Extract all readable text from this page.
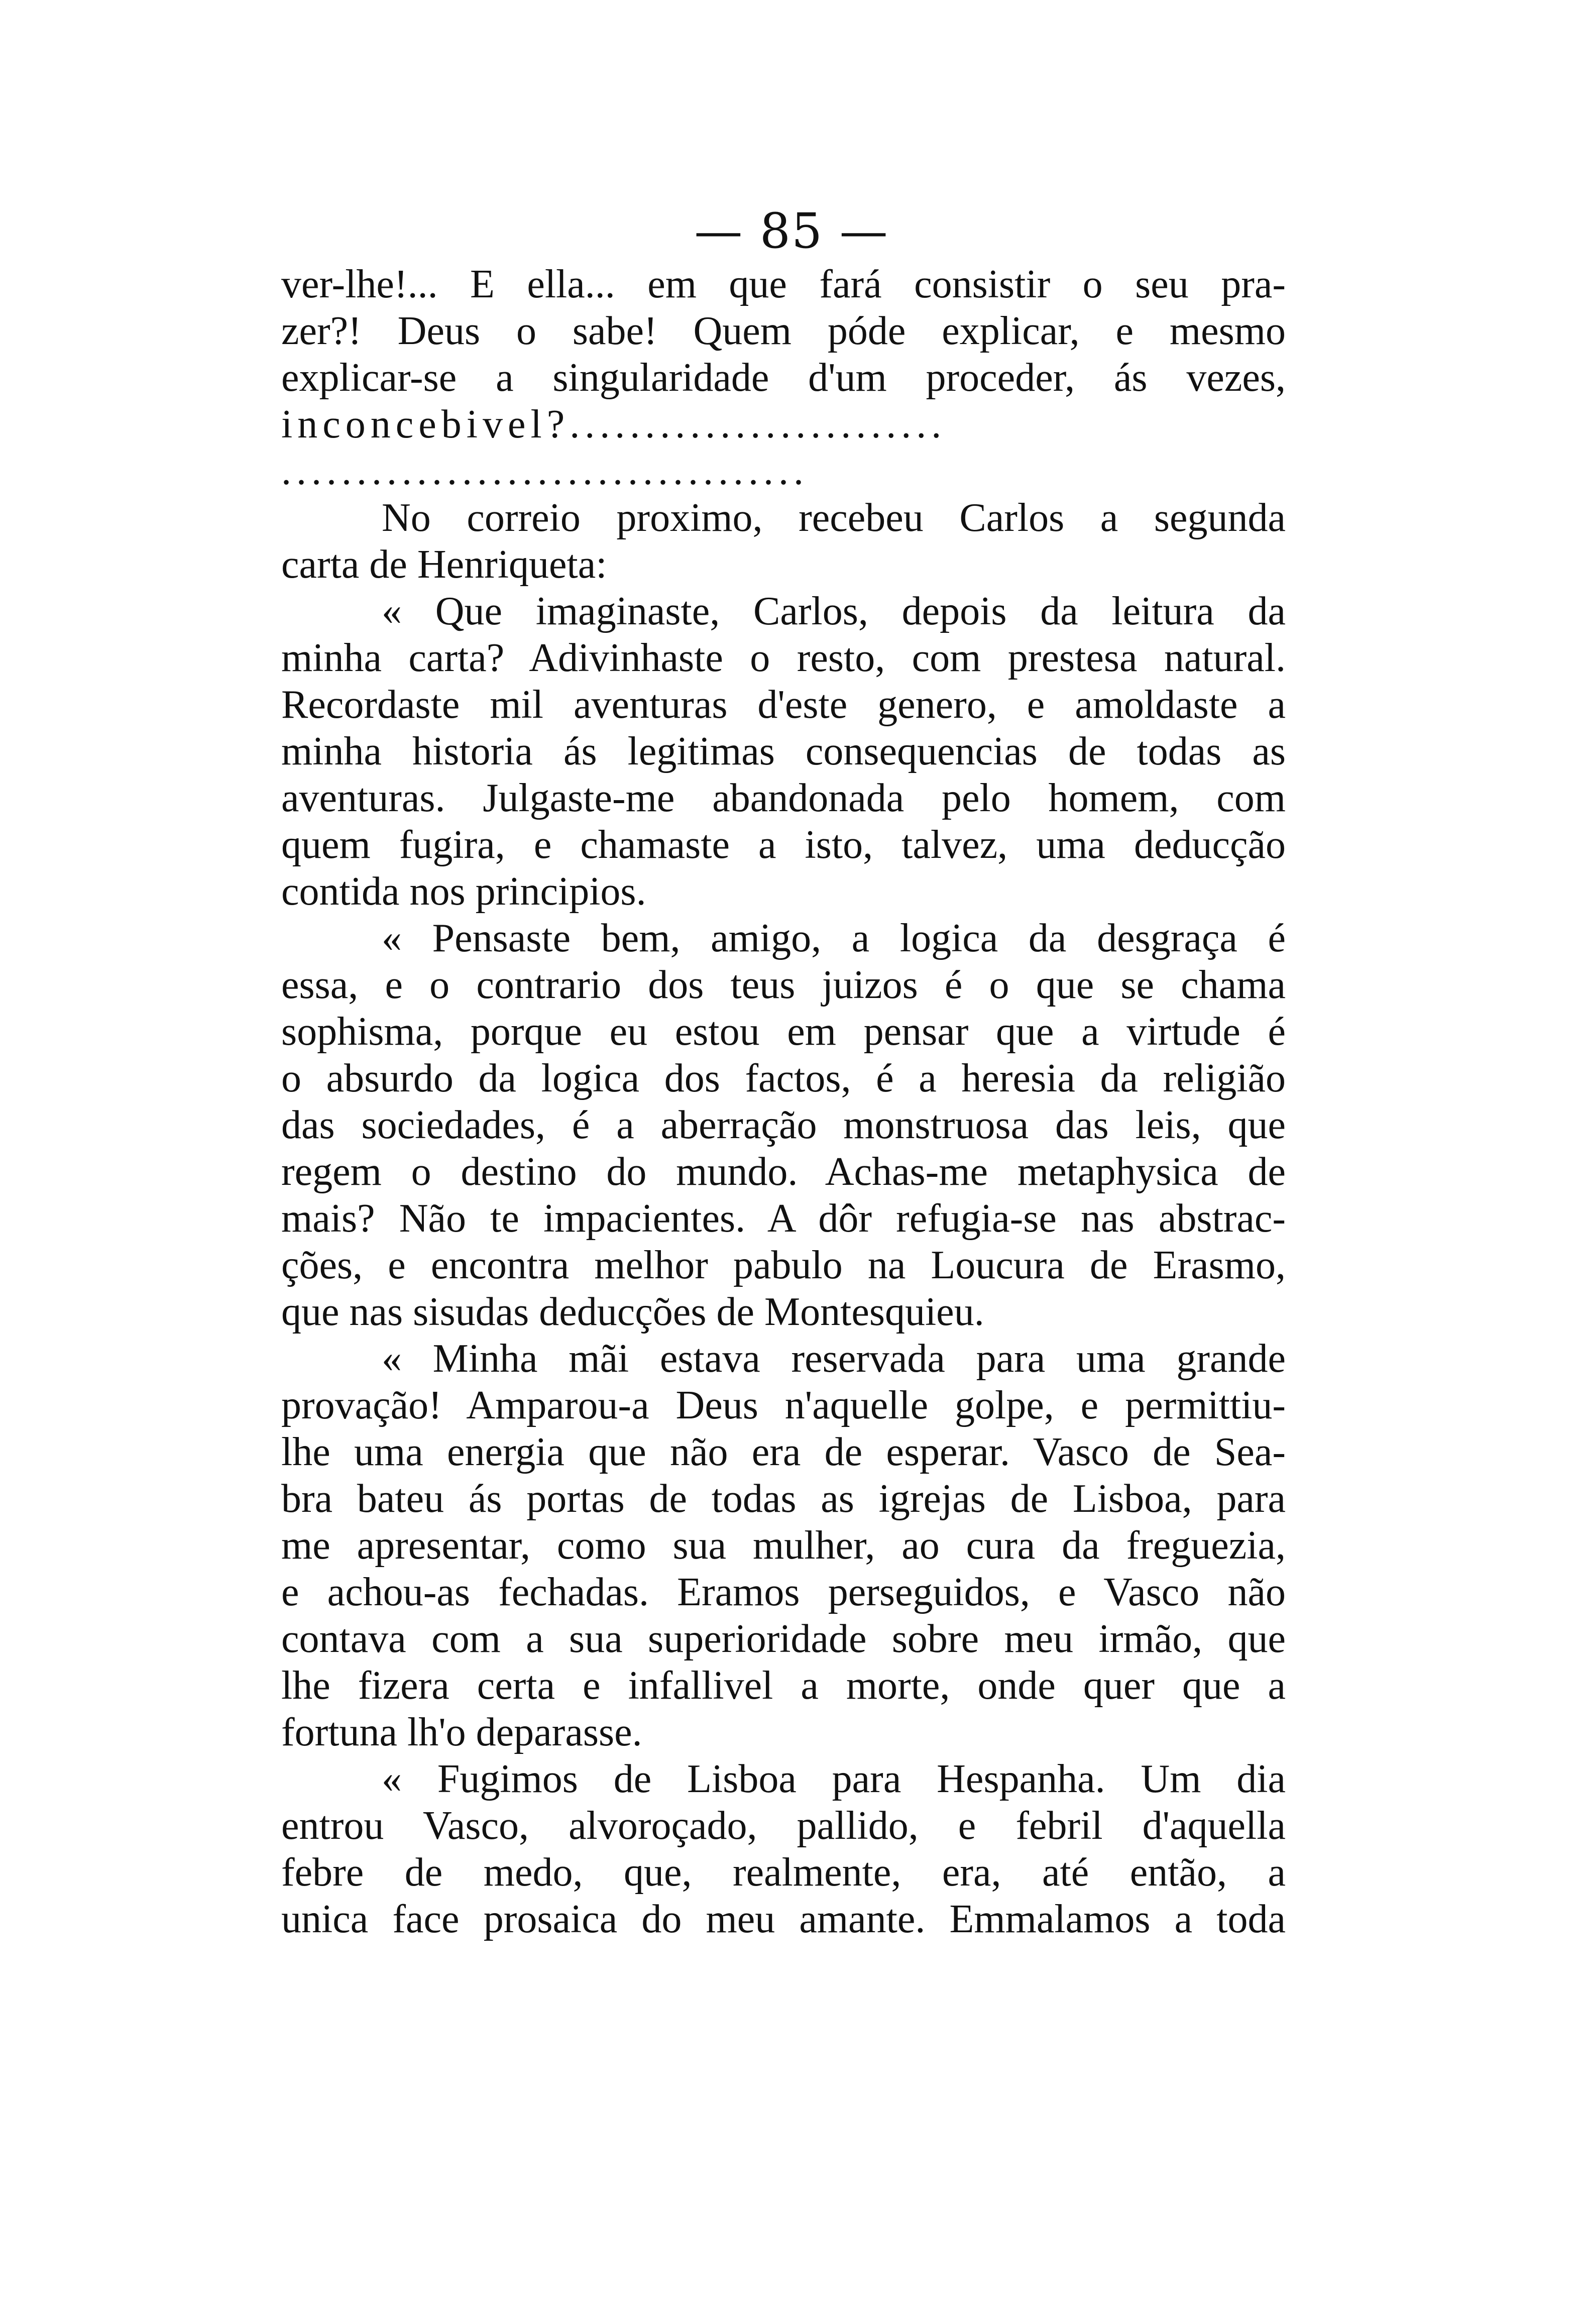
— 85 —
ver-lhe!... E ella... em que fará consistir o seu pra-
zer?! Deus o sabe! Quem póde explicar, e mesmo
explicar-se a singularidade d'um proceder, ás vezes,
inconcebivel?.........................
...................................
No correio proximo, recebeu Carlos a segunda
carta de Henriqueta:
« Que imaginaste, Carlos, depois da leitura da
minha carta? Adivinhaste o resto, com prestesa natural.
Recordaste mil aventuras d'este genero, e amoldaste a
minha historia ás legitimas consequencias de todas as
aventuras. Julgaste-me abandonada pelo homem, com
quem fugira, e chamaste a isto, talvez, uma deducção
contida nos principios.
« Pensaste bem, amigo, a logica da desgraça é
essa, e o contrario dos teus juizos é o que se chama
sophisma, porque eu estou em pensar que a virtude é
o absurdo da logica dos factos, é a heresia da religião
das sociedades, é a aberração monstruosa das leis, que
regem o destino do mundo. Achas-me metaphysica de
mais? Não te impacientes. A dôr refugia-se nas abstrac-
ções, e encontra melhor pabulo na Loucura de Erasmo,
que nas sisudas deducções de Montesquieu.
« Minha mãi estava reservada para uma grande
provação! Amparou-a Deus n'aquelle golpe, e permittiu-
lhe uma energia que não era de esperar. Vasco de Sea-
bra bateu ás portas de todas as igrejas de Lisboa, para
me apresentar, como sua mulher, ao cura da freguezia,
e achou-as fechadas. Eramos perseguidos, e Vasco não
contava com a sua superioridade sobre meu irmão, que
lhe fizera certa e infallivel a morte, onde quer que a
fortuna lh'o deparasse.
« Fugimos de Lisboa para Hespanha. Um dia
entrou Vasco, alvoroçado, pallido, e febril d'aquella
febre de medo, que, realmente, era, até então, a
unica face prosaica do meu amante. Emmalamos a toda
